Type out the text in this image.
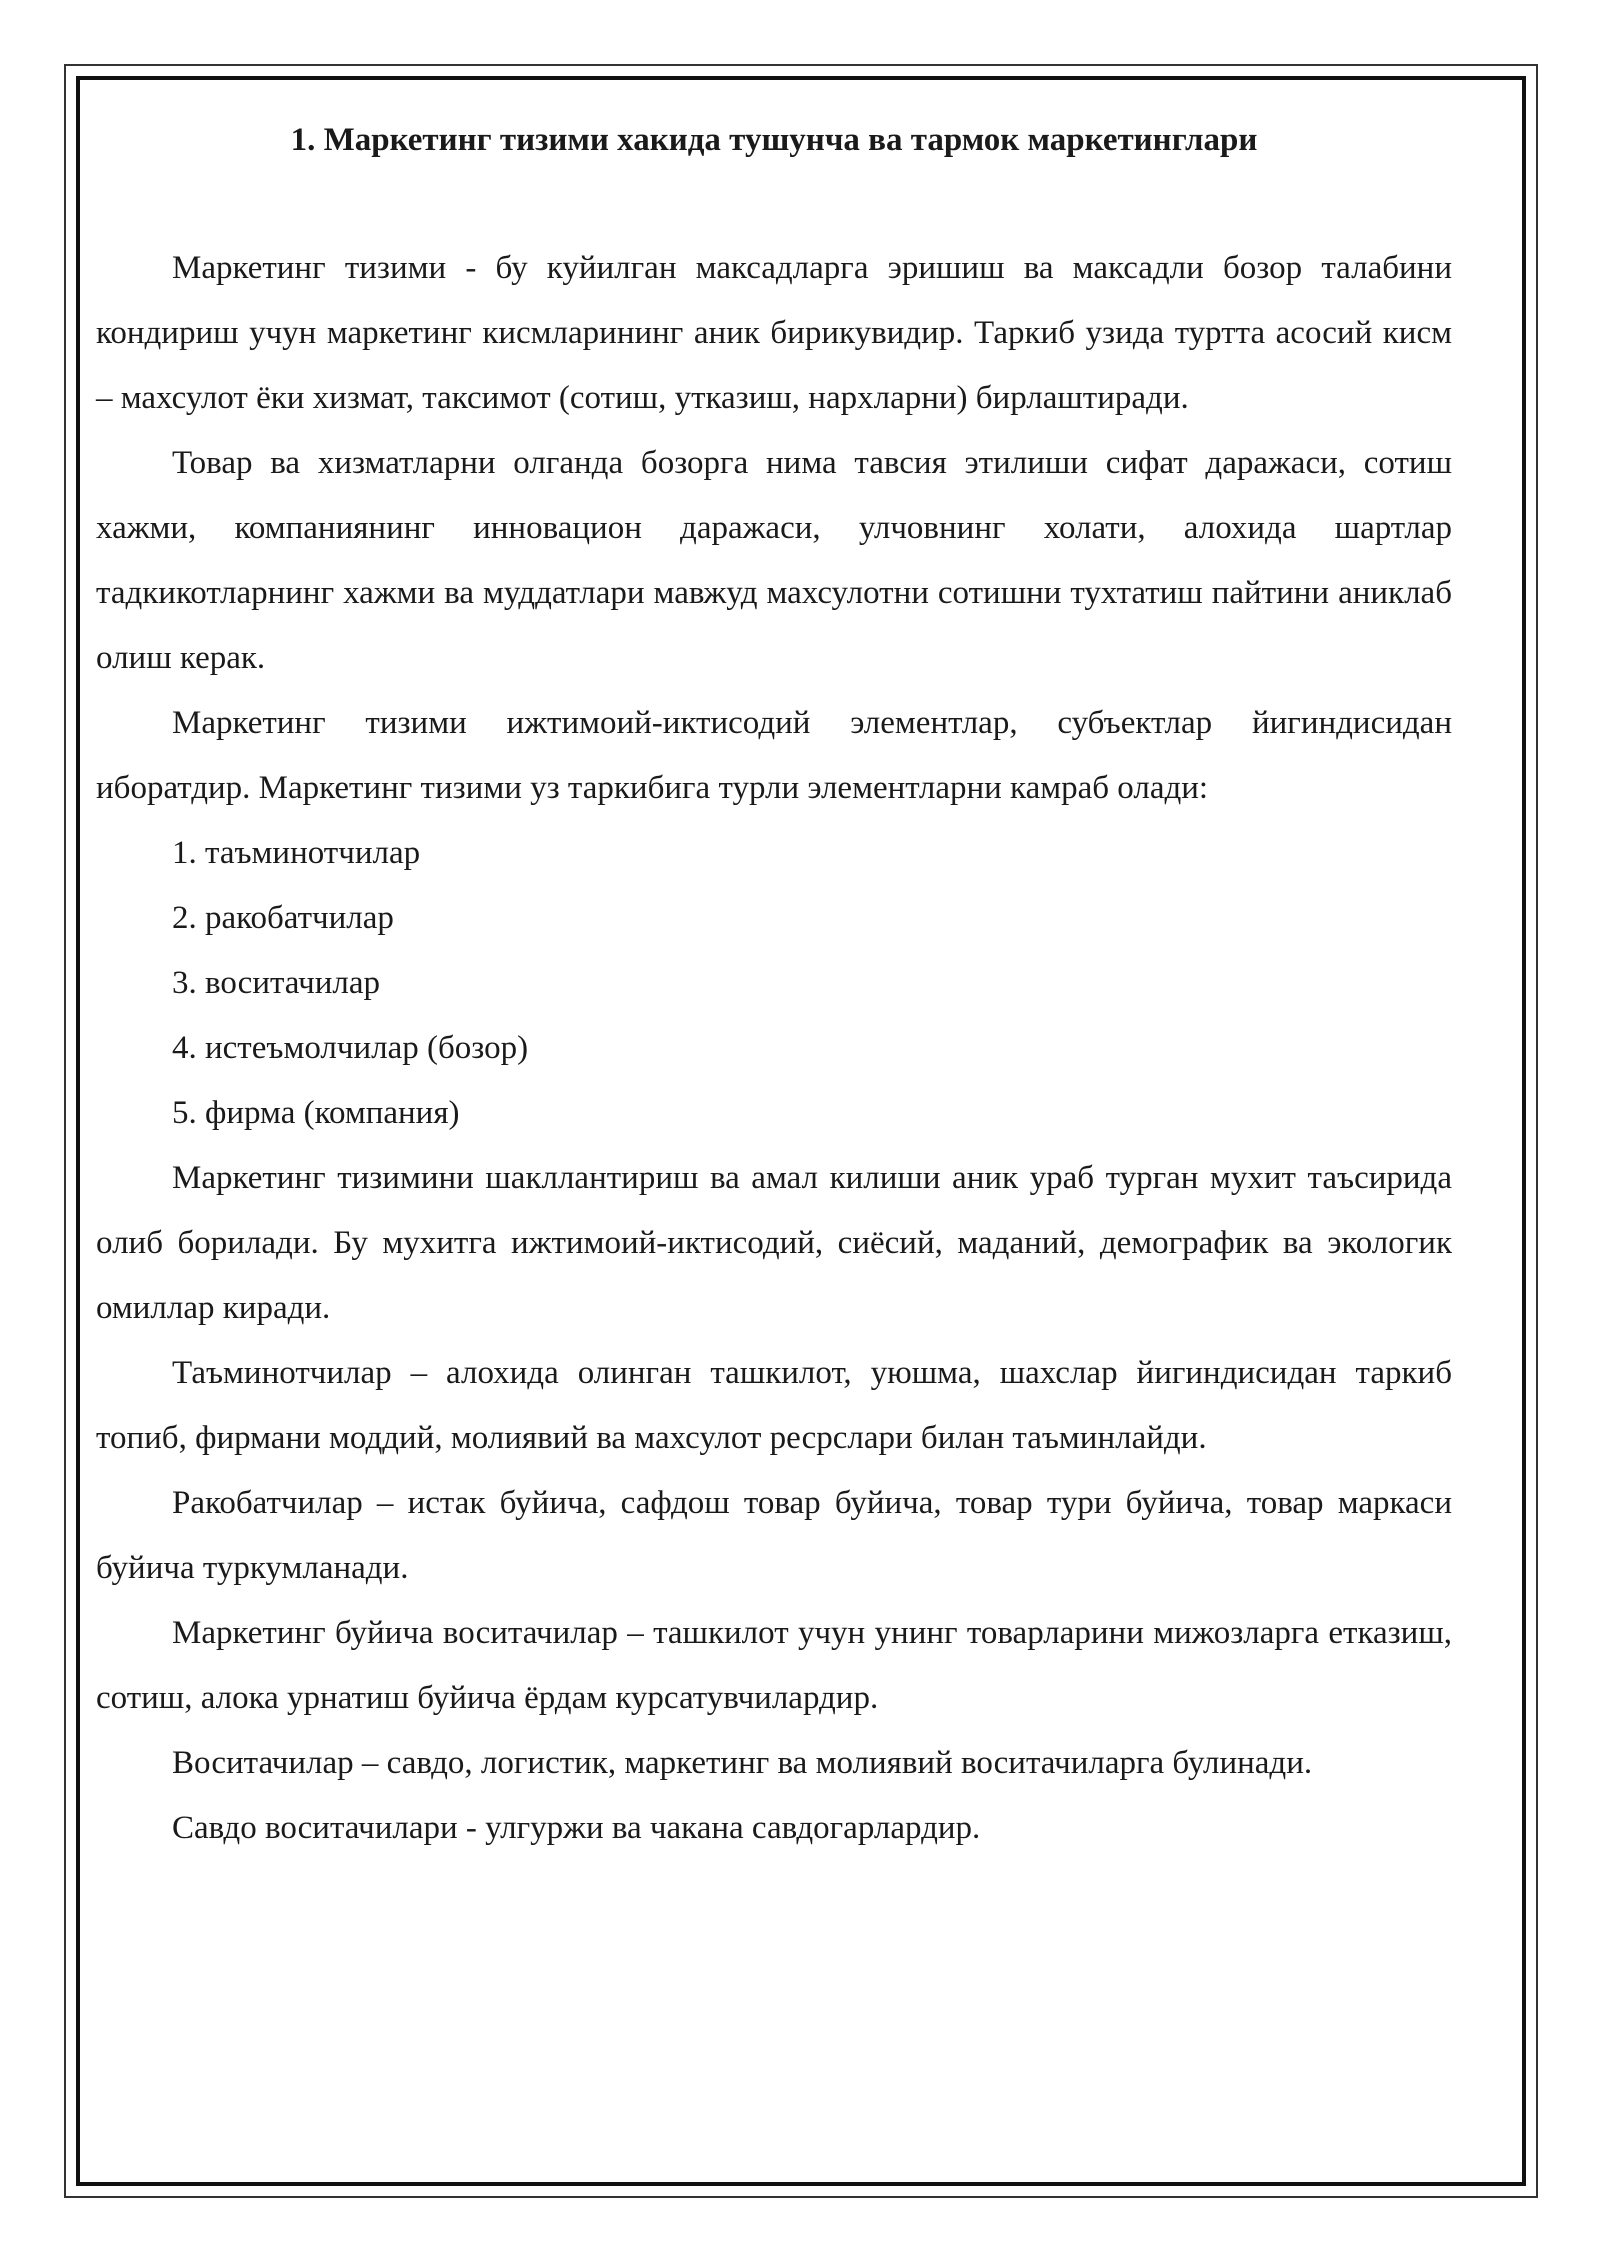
1. Маркетинг тизими хакида тушунча ва тармок маркетинглари

Маркетинг тизими - бу куйилган максадларга эришиш ва максадли бозор талабини кондириш учун маркетинг кисмларининг аник бирикувидир. Таркиб узида туртта асосий кисм – махсулот ёки хизмат, таксимот (сотиш, утказиш, нархларни) бирлаштиради.

Товар ва хизматларни олганда бозорга нима тавсия этилиши сифат даражаси, сотиш хажми, компаниянинг инновацион даражаси, улчовнинг холати, алохида шартлар тадкикотларнинг хажми ва муддатлари мавжуд махсулотни сотишни тухтатиш пайтини аниклаб олиш керак.

Маркетинг тизими ижтимоий-иктисодий элементлар, субъектлар йигиндисидан иборатдир. Маркетинг тизими уз таркибига турли элементларни камраб олади:

1. таъминотчилар

2. ракобатчилар

3. воситачилар

4. истеъмолчилар (бозор)

5. фирма (компания)

Маркетинг тизимини шакллантириш ва амал килиши аник ураб турган мухит таъсирида олиб борилади. Бу мухитга ижтимоий-иктисодий, сиёсий, маданий, демографик ва экологик омиллар киради.

Таъминотчилар – алохида олинган ташкилот, уюшма, шахслар йигиндисидан таркиб топиб, фирмани моддий, молиявий ва махсулот ресрслари билан таъминлайди.

Ракобатчилар – истак буйича, сафдош товар буйича, товар тури буйича, товар маркаси буйича туркумланади.

Маркетинг буйича воситачилар – ташкилот учун унинг товарларини мижозларга етказиш, сотиш, алока урнатиш буйича ёрдам курсатувчилардир.

Воситачилар – савдо, логистик, маркетинг ва молиявий воситачиларга булинади.

Савдо воситачилари - улгуржи ва чакана савдогарлардир.
